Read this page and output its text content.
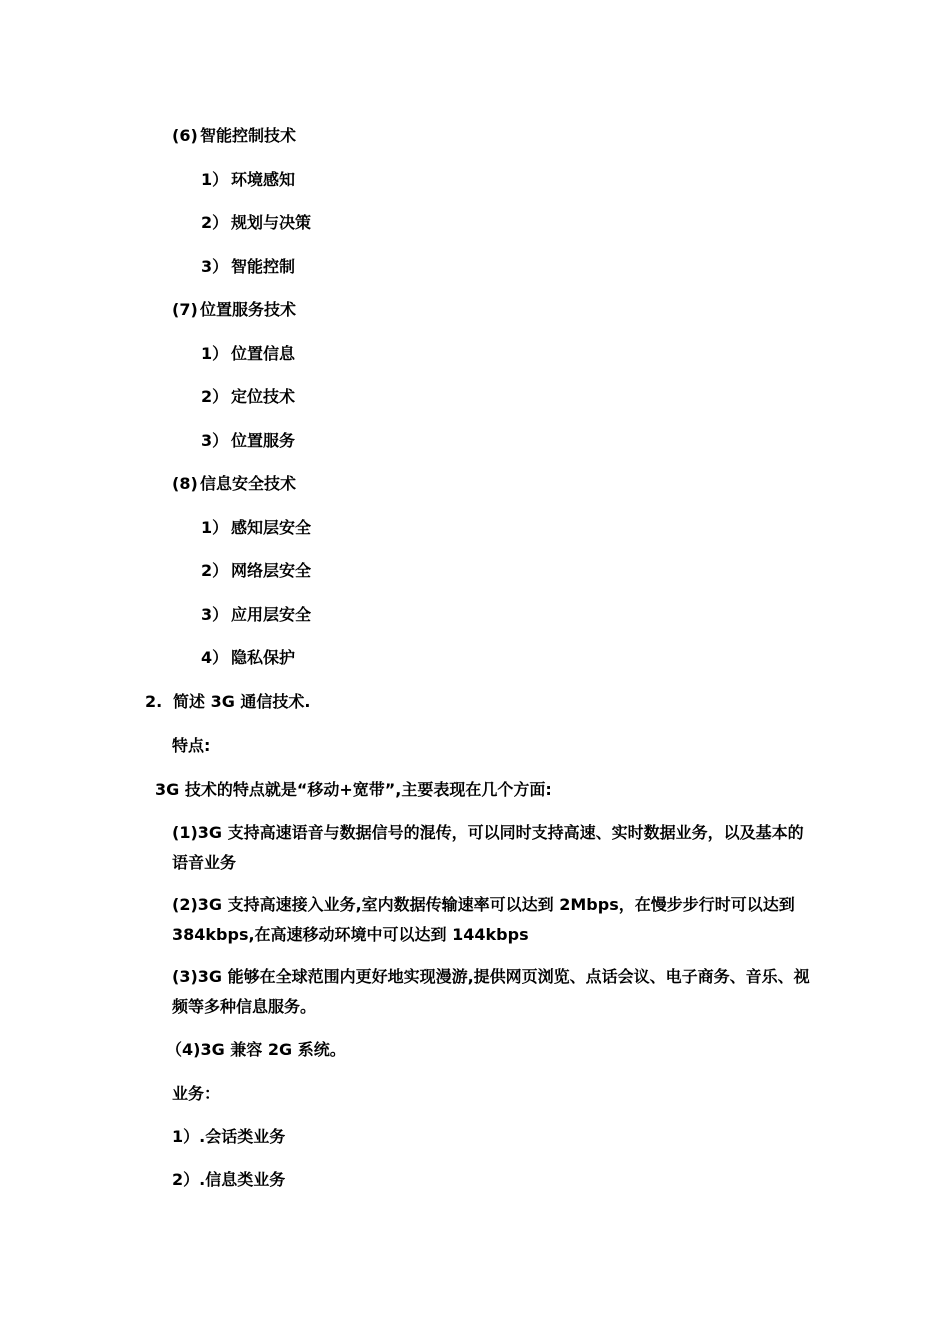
(6) 智能控制技术
1） 环境感知
2） 规划与决策
3） 智能控制
(7) 位置服务技术
1） 位置信息
2） 定位技术
3） 位置服务
(8) 信息安全技术
1） 感知层安全
2） 网络层安全
3） 应用层安全
4） 隐私保护
2. 简述 3G 通信技术.
特点:
3G 技术的特点就是“移动+宽带”,主要表现在几个方面:
(1)3G 支持高速语音与数据信号的混传，可以同时支持高速、实时数据业务，以及基本的语音业务
(2)3G 支持高速接入业务,室内数据传输速率可以达到 2Mbps，在慢步步行时可以达到 384kbps,在高速移动环境中可以达到 144kbps
(3)3G 能够在全球范围内更好地实现漫游,提供网页浏览、点话会议、电子商务、音乐、视频等多种信息服务。
（4)3G 兼容 2G 系统。
业务：
1）.会话类业务
2）.信息类业务
